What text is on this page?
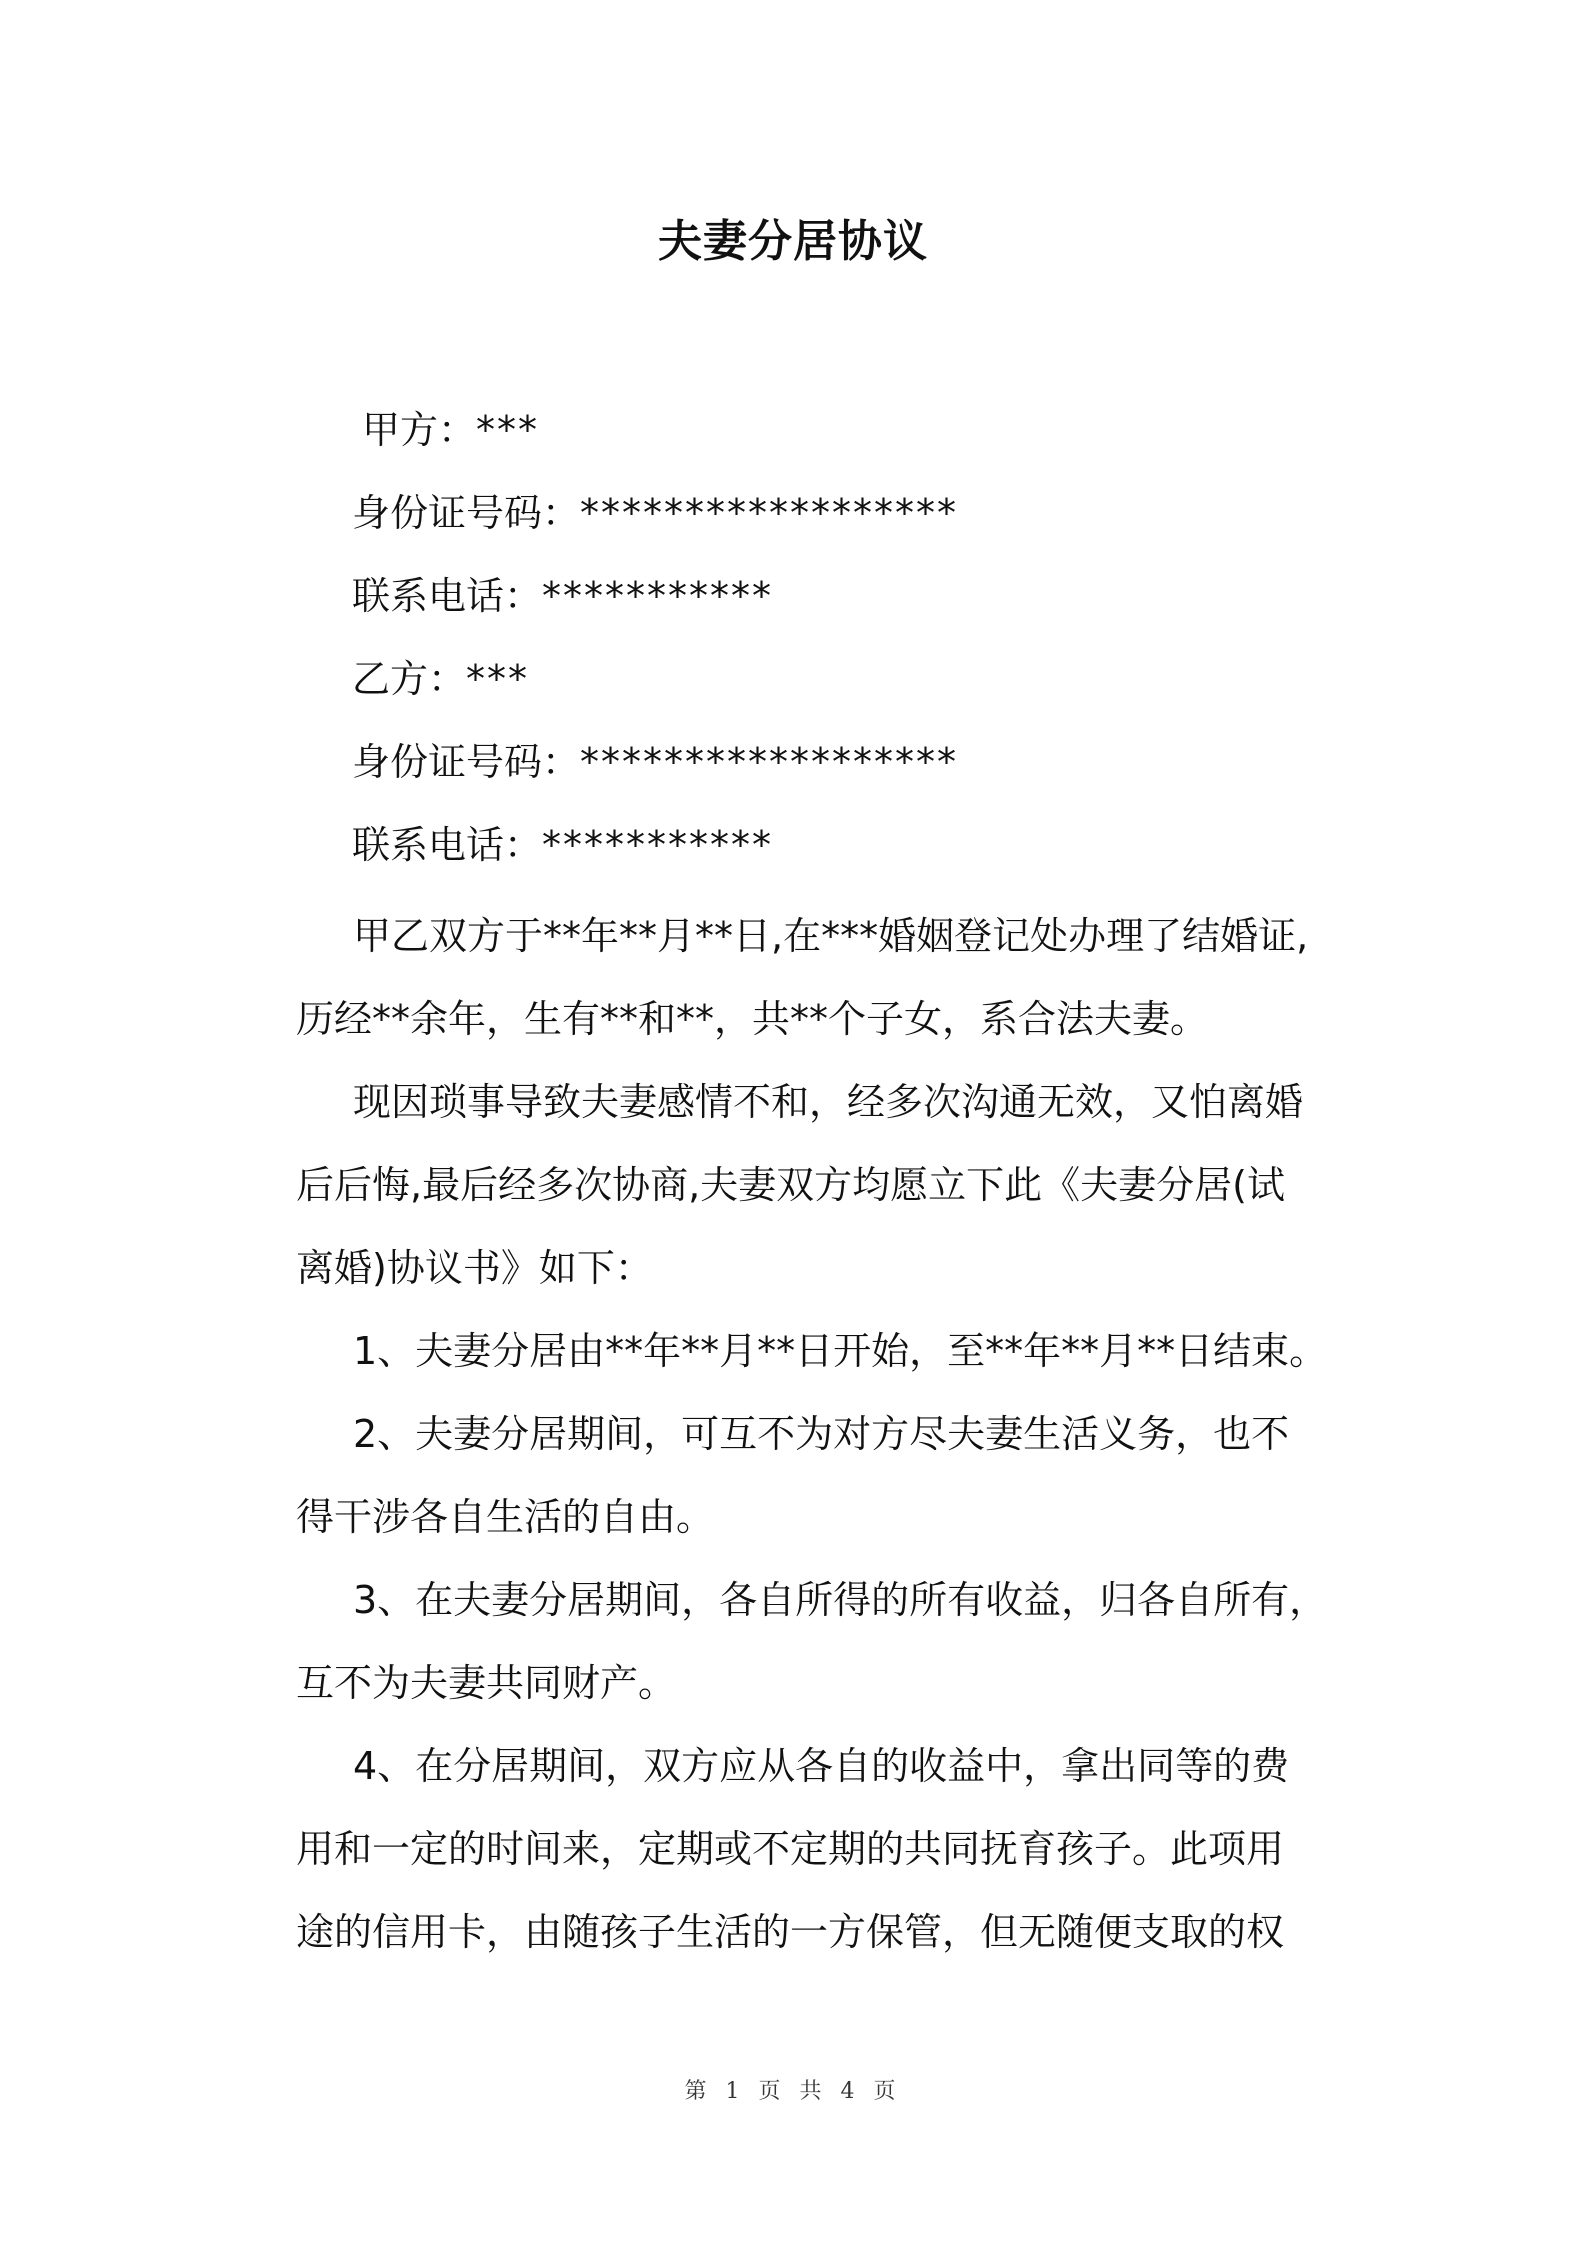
夫妻分居协议
甲方：***
身份证号码：******************
联系电话：***********
乙方：***
身份证号码：******************
联系电话：***********
甲乙双方于**年**月**日,在***婚姻登记处办理了结婚证,
历经**余年，生有**和**，共**个子女，系合法夫妻。
现因琐事导致夫妻感情不和，经多次沟通无效，又怕离婚
后后悔,最后经多次协商,夫妻双方均愿立下此《夫妻分居(试
离婚)协议书》如下：
1、夫妻分居由**年**月**日开始，至**年**月**日结束。
2、夫妻分居期间，可互不为对方尽夫妻生活义务，也不
得干涉各自生活的自由。
3、在夫妻分居期间，各自所得的所有收益，归各自所有，
互不为夫妻共同财产。
4、在分居期间，双方应从各自的收益中，拿出同等的费
用和一定的时间来，定期或不定期的共同抚育孩子。此项用
途的信用卡，由随孩子生活的一方保管，但无随便支取的权
第 1 页 共 4 页
